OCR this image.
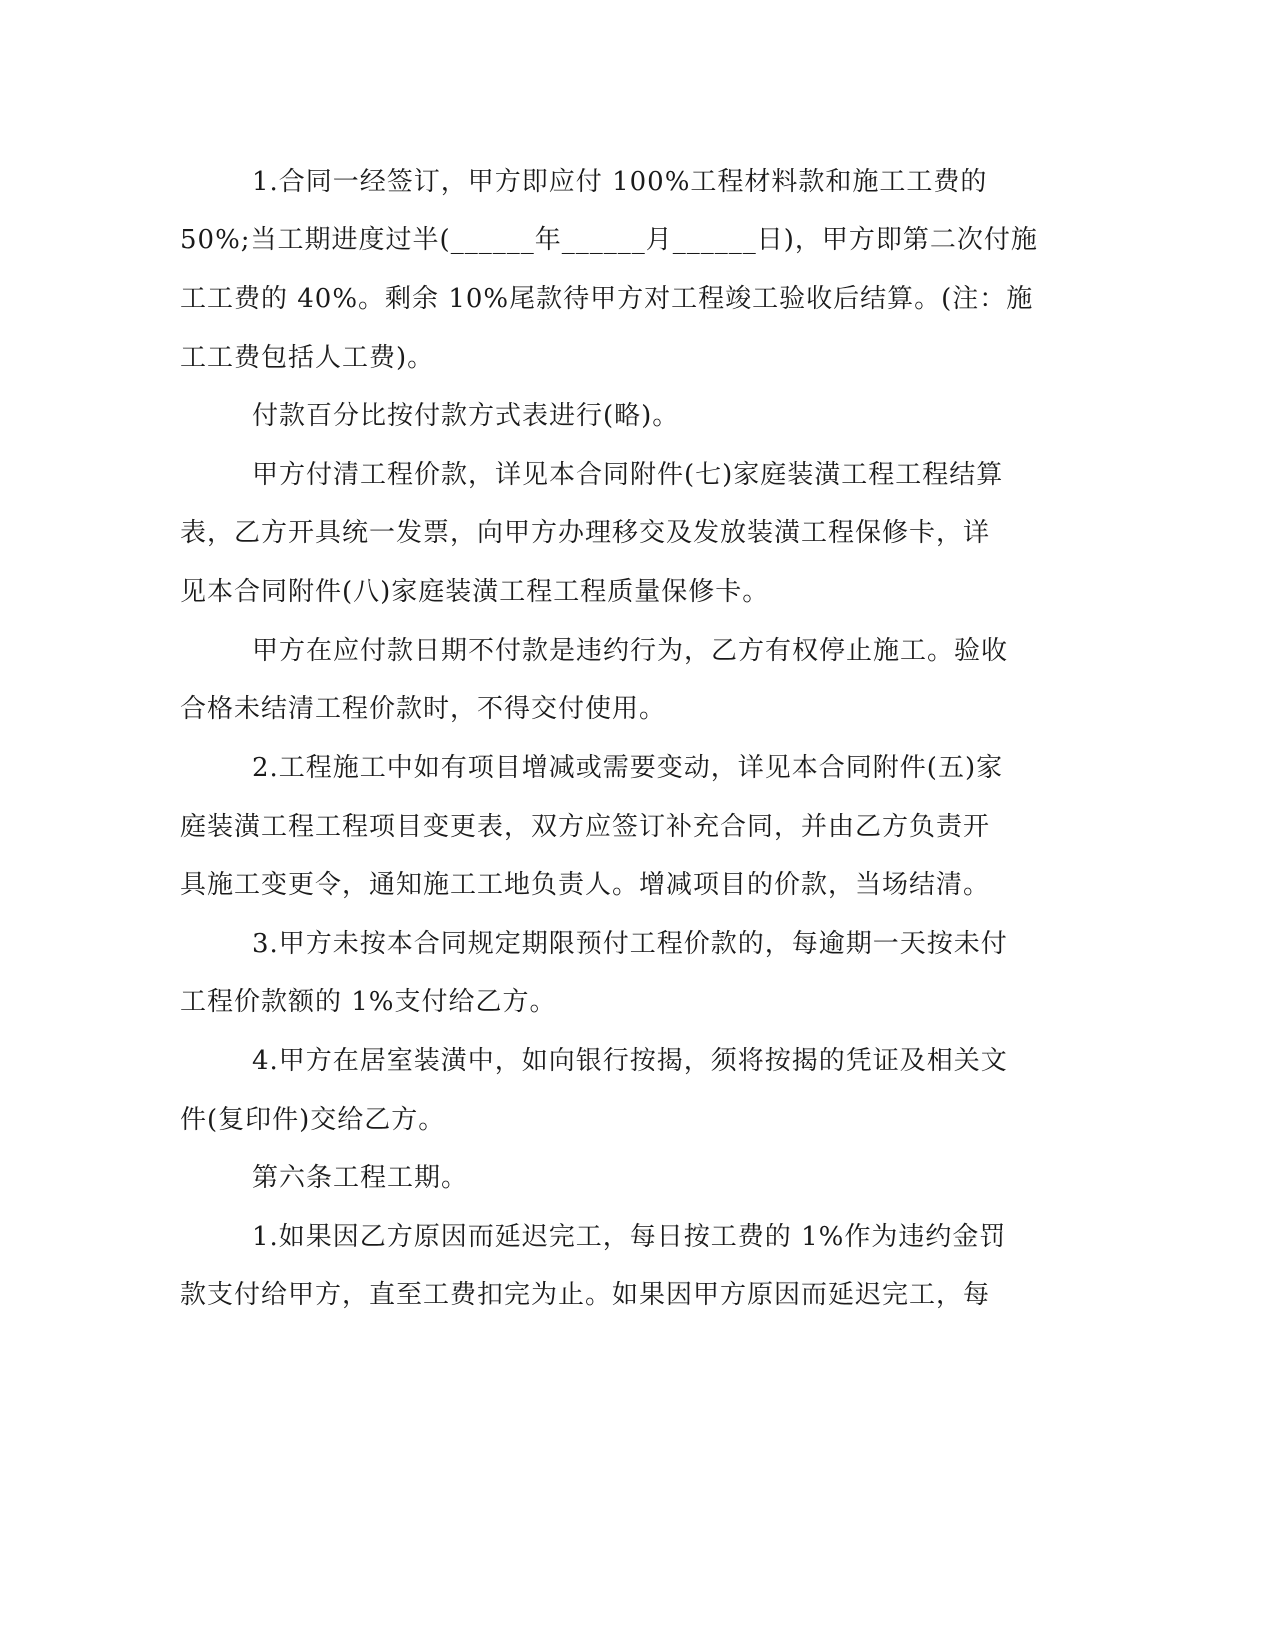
1.合同一经签订，甲方即应付 100%工程材料款和施工工费的
50%;当工期进度过半(______年______月______日)，甲方即第二次付施
工工费的 40%。剩余 10%尾款待甲方对工程竣工验收后结算。(注：施
工工费包括人工费)。
付款百分比按付款方式表进行(略)。
甲方付清工程价款，详见本合同附件(七)家庭装潢工程工程结算
表，乙方开具统一发票，向甲方办理移交及发放装潢工程保修卡，详
见本合同附件(八)家庭装潢工程工程质量保修卡。
甲方在应付款日期不付款是违约行为，乙方有权停止施工。验收
合格未结清工程价款时，不得交付使用。
2.工程施工中如有项目增减或需要变动，详见本合同附件(五)家
庭装潢工程工程项目变更表，双方应签订补充合同，并由乙方负责开
具施工变更令，通知施工工地负责人。增减项目的价款，当场结清。
3.甲方未按本合同规定期限预付工程价款的，每逾期一天按未付
工程价款额的 1%支付给乙方。
4.甲方在居室装潢中，如向银行按揭，须将按揭的凭证及相关文
件(复印件)交给乙方。
第六条工程工期。
1.如果因乙方原因而延迟完工，每日按工费的 1%作为违约金罚
款支付给甲方，直至工费扣完为止。如果因甲方原因而延迟完工，每
